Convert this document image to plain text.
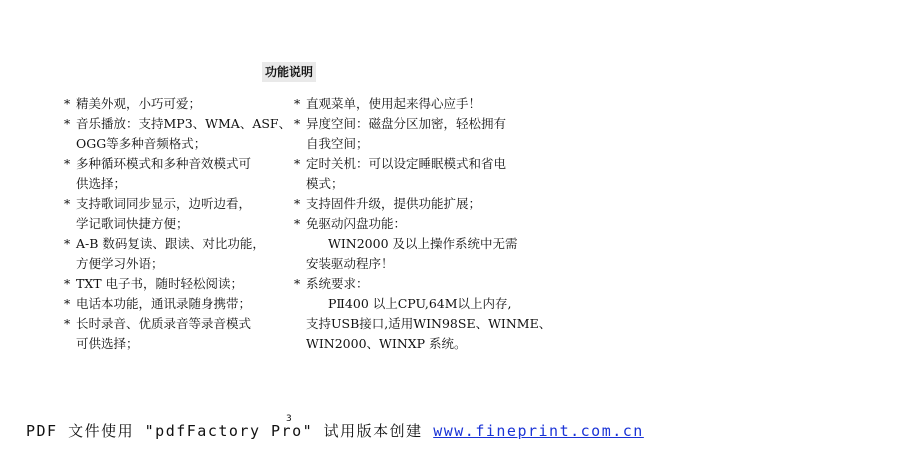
功能说明
* 精美外观，小巧可爱；
* 音乐播放：支持MP3、WMA、ASF、
OGG等多种音频格式；
* 多种循环模式和多种音效模式可
供选择；
* 支持歌词同步显示，边听边看，
学记歌词快捷方便；
* A-B 数码复读、跟读、对比功能，
方便学习外语；
* TXT 电子书，随时轻松阅读；
* 电话本功能，通讯录随身携带；
* 长时录音、优质录音等录音模式
可供选择；
* 直观菜单，使用起来得心应手！
* 异度空间：磁盘分区加密，轻松拥有
自我空间；
* 定时关机：可以设定睡眠模式和省电
模式；
* 支持固件升级，提供功能扩展；
* 免驱动闪盘功能：
WIN2000 及以上操作系统中无需
安装驱动程序！
* 系统要求：
PⅡ400 以上CPU,64M以上内存,
支持USB接口,适用WIN98SE、WINME、
WIN2000、WINXP 系统。
3
PDF 文件使用 "pdfFactory Pro" 试用版本创建 www.fineprint.com.cn
